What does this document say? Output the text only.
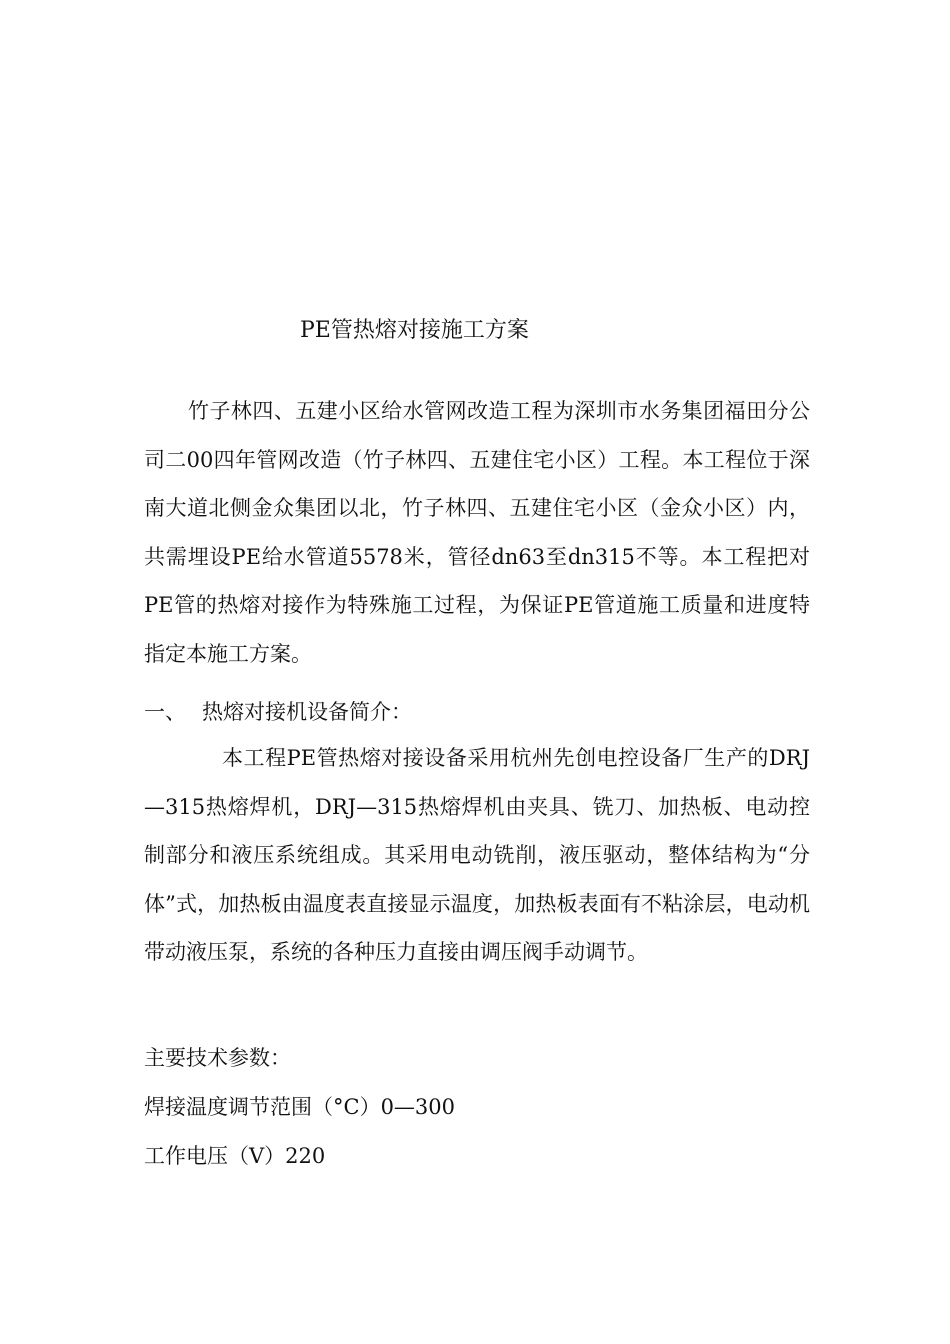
PE管热熔对接施工方案
竹子林四、五建小区给水管网改造工程为深圳市水务集团福田分公司二00四年管网改造（竹子林四、五建住宅小区）工程。本工程位于深南大道北侧金众集团以北，竹子林四、五建住宅小区（金众小区）内，共需埋设PE给水管道5578米，管径dn63至dn315不等。本工程把对PE管的热熔对接作为特殊施工过程，为保证PE管道施工质量和进度特指定本施工方案。
一、 热熔对接机设备简介：
本工程PE管热熔对接设备采用杭州先创电控设备厂生产的DRJ—315热熔焊机，DRJ—315热熔焊机由夹具、铣刀、加热板、电动控制部分和液压系统组成。其采用电动铣削，液压驱动，整体结构为“分体”式，加热板由温度表直接显示温度，加热板表面有不粘涂层，电动机带动液压泵，系统的各种压力直接由调压阀手动调节。
主要技术参数：
焊接温度调节范围（°C）0—300
工作电压（V）220
